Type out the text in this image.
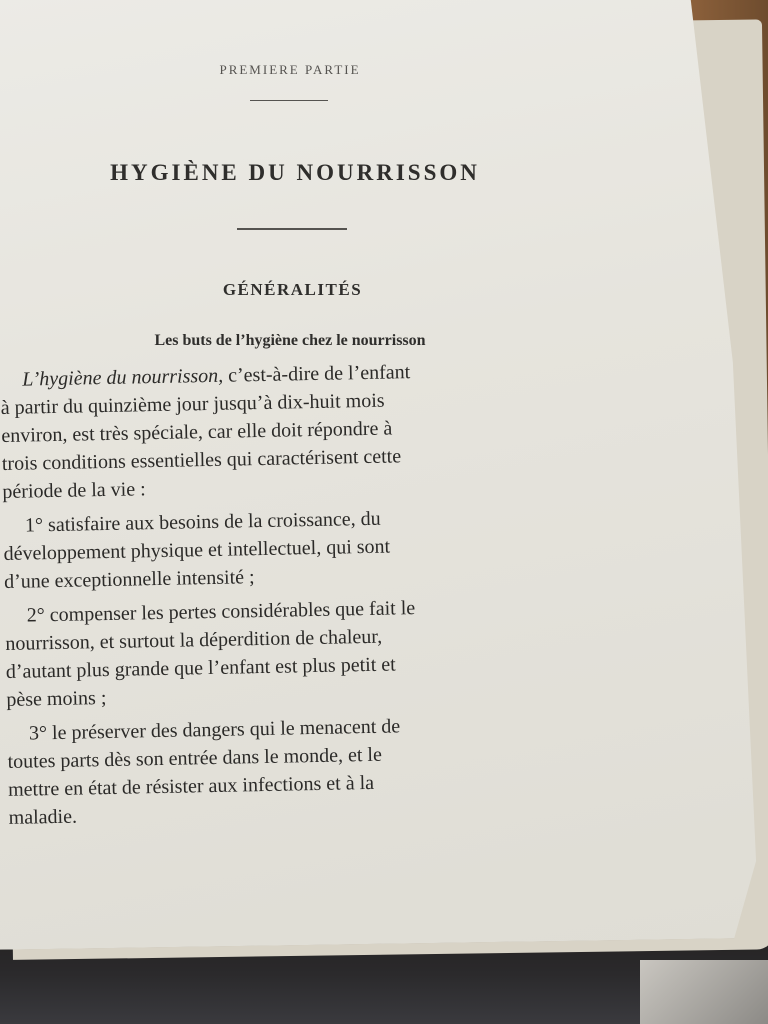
PREMIERE PARTIE
HYGIÈNE DU NOURRISSON
GÉNÉRALITÉS
Les buts de l’hygiène chez le nourrisson
L’hygiène du nourrisson, c’est-à-dire de l’enfant
à partir du quinzième jour jusqu’à dix-huit mois
environ, est très spéciale, car elle doit répondre à
trois conditions essentielles qui caractérisent cette
période de la vie :
1° satisfaire aux besoins de la croissance, du
développement physique et intellectuel, qui sont
d’une exceptionnelle intensité ;
2° compenser les pertes considérables que fait le
nourrisson, et surtout la déperdition de chaleur,
d’autant plus grande que l’enfant est plus petit et
pèse moins ;
3° le préserver des dangers qui le menacent de
toutes parts dès son entrée dans le monde, et le
mettre en état de résister aux infections et à la
maladie.
